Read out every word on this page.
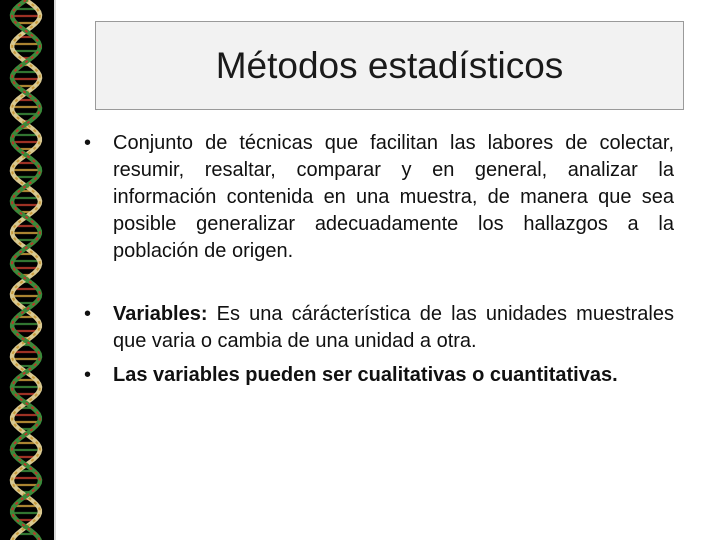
Métodos estadísticos
•	Conjunto de técnicas que facilitan las labores de colectar, resumir, resaltar, comparar y en general, analizar la información contenida en una muestra, de manera que sea posible generalizar adecuadamente los hallazgos a la población de origen.
•	Variables: Es una cárácterística de las unidades muestrales que varia o cambia de una unidad a otra.
•	Las variables pueden ser cualitativas o cuantitativas.
